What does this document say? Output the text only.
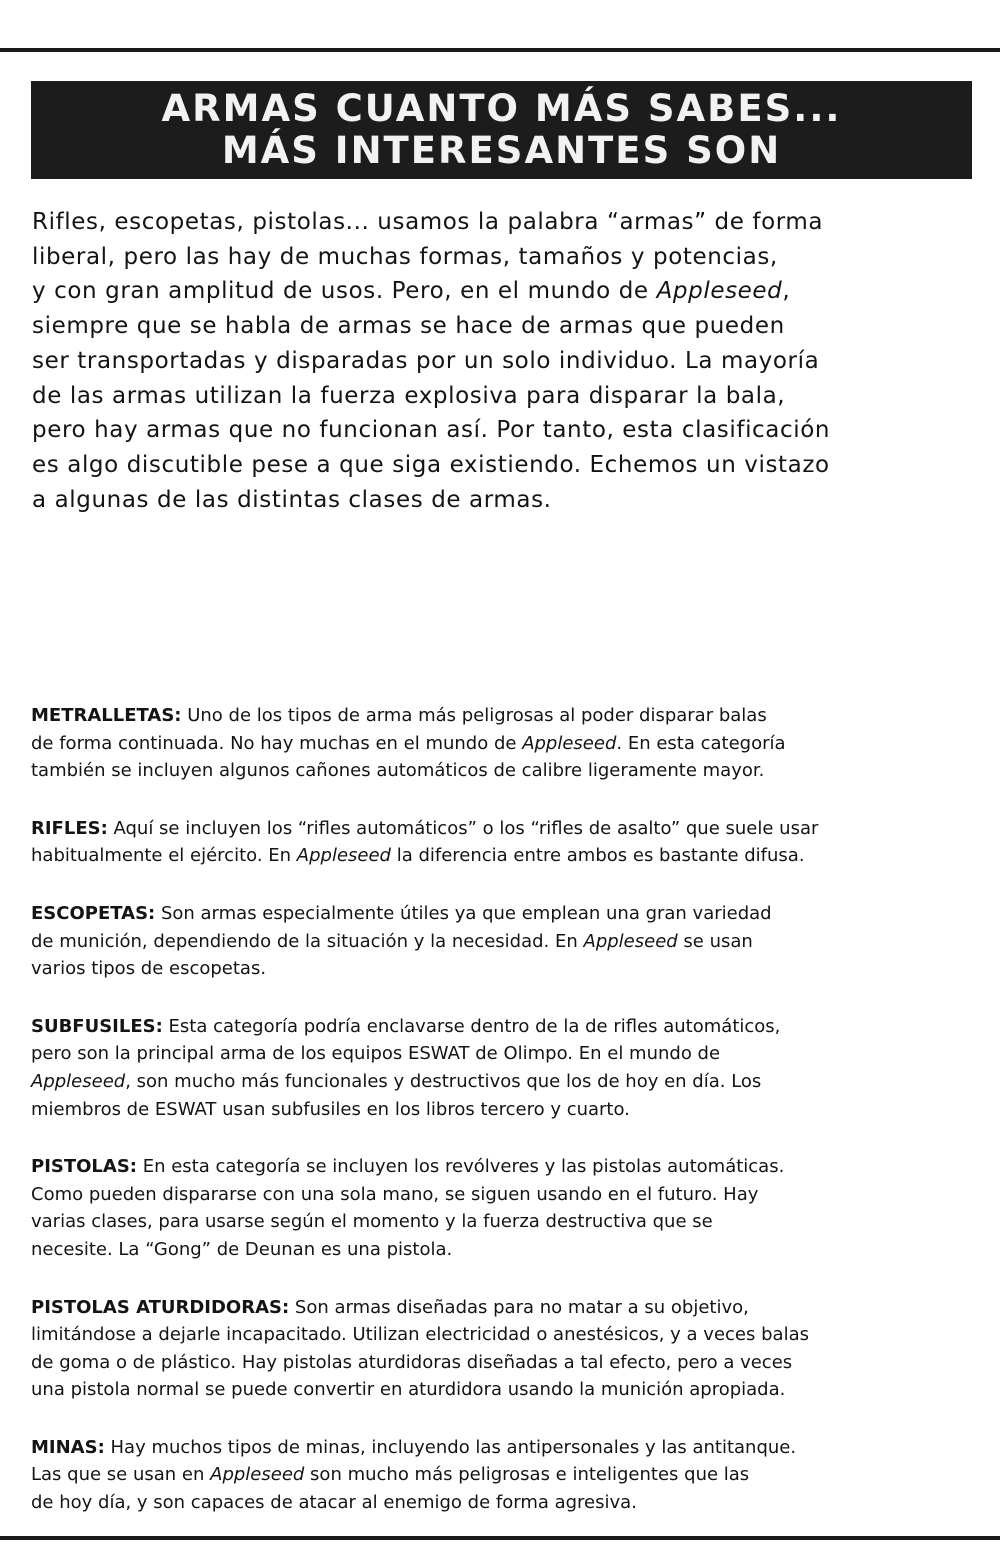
ARMAS CUANTO MÁS SABES...
MÁS INTERESANTES SON
Rifles, escopetas, pistolas... usamos la palabra “armas” de forma
liberal, pero las hay de muchas formas, tamaños y potencias,
y con gran amplitud de usos. Pero, en el mundo de Appleseed,
siempre que se habla de armas se hace de armas que pueden
ser transportadas y disparadas por un solo individuo. La mayoría
de las armas utilizan la fuerza explosiva para disparar la bala,
pero hay armas que no funcionan así. Por tanto, esta clasificación
es algo discutible pese a que siga existiendo. Echemos un vistazo
a algunas de las distintas clases de armas.

METRALLETAS: Uno de los tipos de arma más peligrosas al poder disparar balas
de forma continuada. No hay muchas en el mundo de Appleseed. En esta categoría
también se incluyen algunos cañones automáticos de calibre ligeramente mayor.

RIFLES: Aquí se incluyen los “rifles automáticos” o los “rifles de asalto” que suele usar
habitualmente el ejército. En Appleseed la diferencia entre ambos es bastante difusa.

ESCOPETAS: Son armas especialmente útiles ya que emplean una gran variedad
de munición, dependiendo de la situación y la necesidad. En Appleseed se usan
varios tipos de escopetas.

SUBFUSILES: Esta categoría podría enclavarse dentro de la de rifles automáticos,
pero son la principal arma de los equipos ESWAT de Olimpo. En el mundo de
Appleseed, son mucho más funcionales y destructivos que los de hoy en día. Los
miembros de ESWAT usan subfusiles en los libros tercero y cuarto.

PISTOLAS: En esta categoría se incluyen los revólveres y las pistolas automáticas.
Como pueden dispararse con una sola mano, se siguen usando en el futuro. Hay
varias clases, para usarse según el momento y la fuerza destructiva que se
necesite. La “Gong” de Deunan es una pistola.

PISTOLAS ATURDIDORAS: Son armas diseñadas para no matar a su objetivo,
limitándose a dejarle incapacitado. Utilizan electricidad o anestésicos, y a veces balas
de goma o de plástico. Hay pistolas aturdidoras diseñadas a tal efecto, pero a veces
una pistola normal se puede convertir en aturdidora usando la munición apropiada.

MINAS: Hay muchos tipos de minas, incluyendo las antipersonales y las antitanque.
Las que se usan en Appleseed son mucho más peligrosas e inteligentes que las
de hoy día, y son capaces de atacar al enemigo de forma agresiva.
